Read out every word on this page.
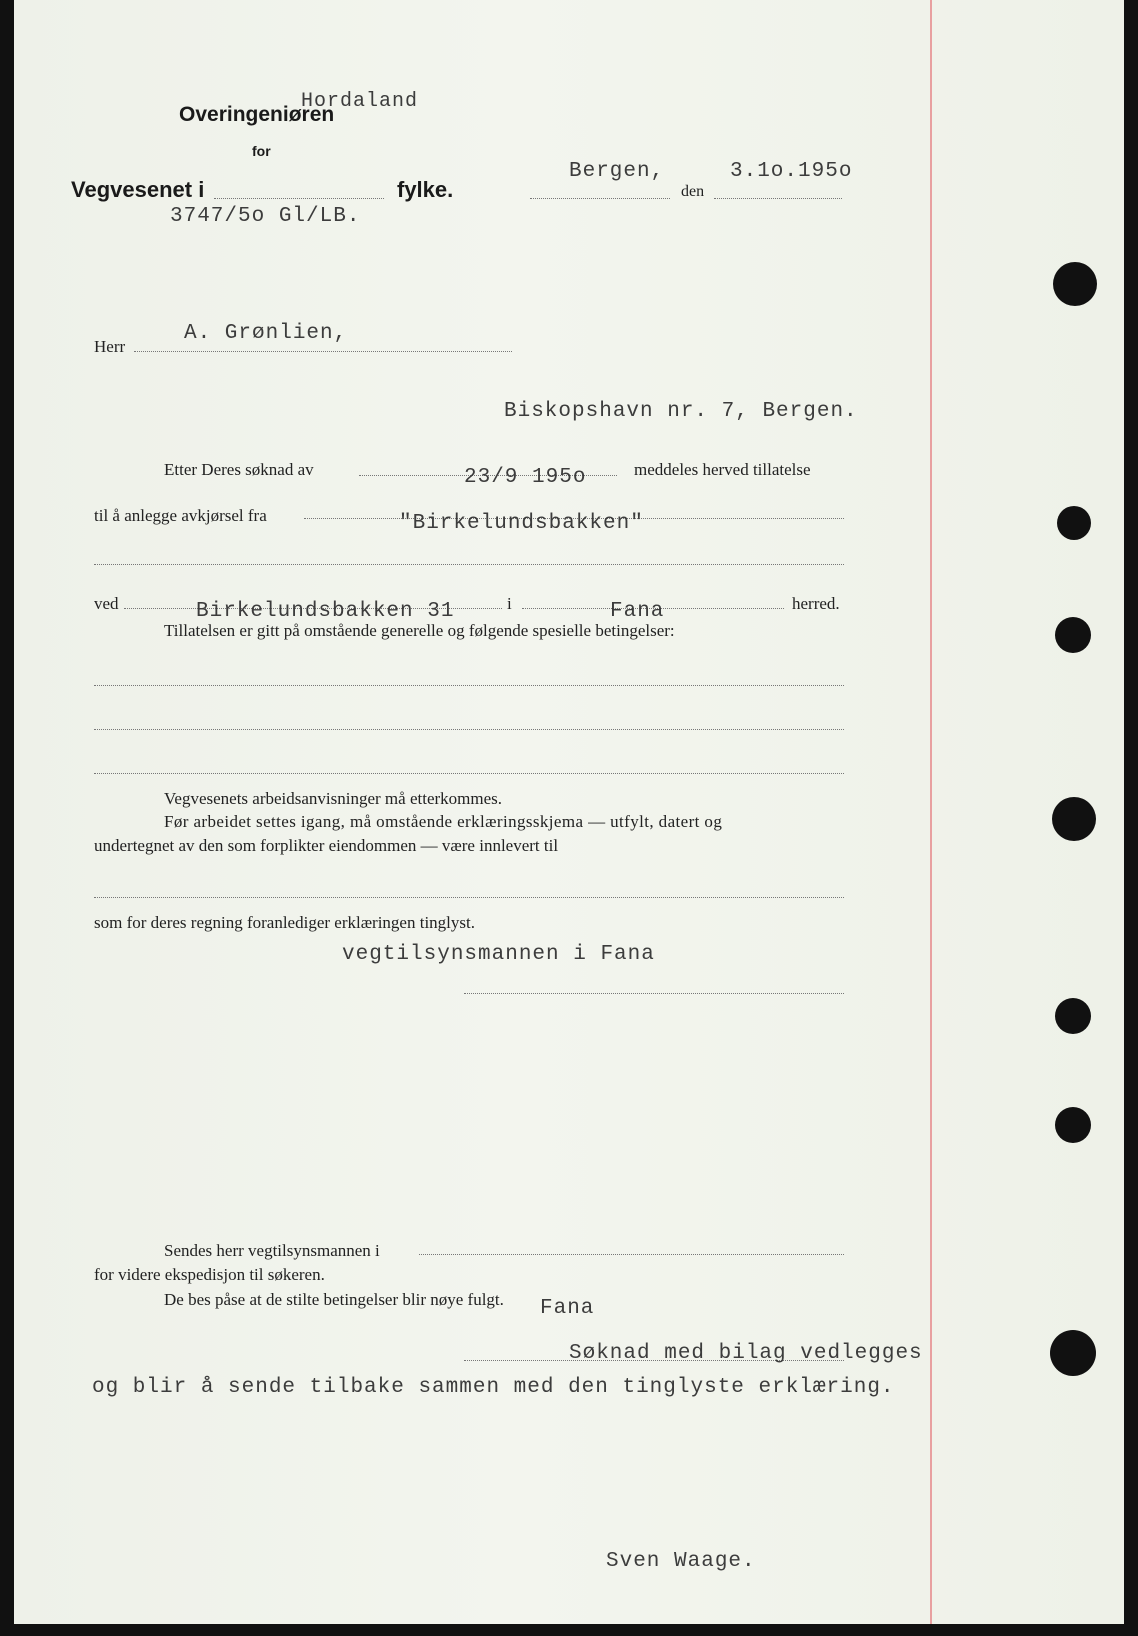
Overingeniøren
Hordaland
for
Vegvesenet i	fylke.
Bergen,
den
3.1o.195o
3747/5o Gl/LB.
Herr
A. Grønlien,
Biskopshavn nr. 7, Bergen.
Etter Deres søknad av	23/9 195o	meddeles herved tillatelse
til å anlegge avkjørsel fra	"Birkelundsbakken"
ved	Birkelundsbakken 31	i	Fana	herred.
Tillatelsen er gitt på omstående generelle og følgende spesielle betingelser:
Vegvesenets arbeidsanvisninger må etterkommes.
Før arbeidet settes igang, må omstående erklæringsskjema — utfylt, datert og
undertegnet av den som forplikter eiendommen — være innlevert til
som for deres regning foranlediger erklæringen tinglyst.
vegtilsynsmannen i Fana
Sendes herr vegtilsynsmannen i
for videre ekspedisjon til søkeren.
De bes påse at de stilte betingelser blir nøye fulgt. Fana
Søknad med bilag vedlegges
og blir å sende tilbake sammen med den tinglyste erklæring.
Sven Waage.
